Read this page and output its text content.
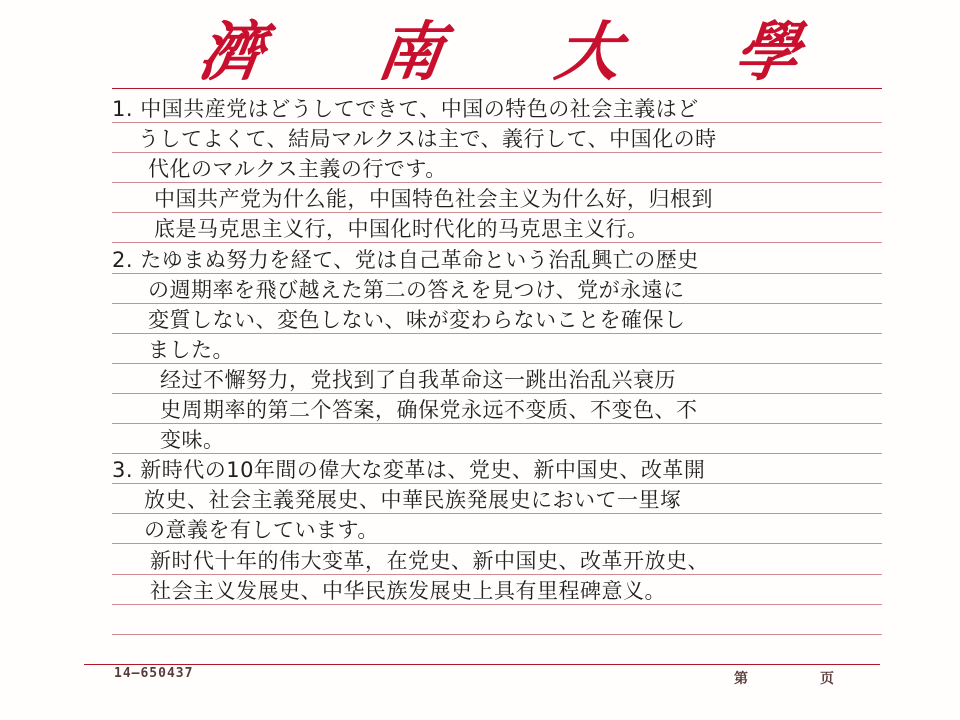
濟 南 大 學
1. 中国共産党はどうしてできて、中国の特色の社会主義はど
うしてよくて、結局マルクスは主で、義行して、中国化の時
代化のマルクス主義の行です。
中国共产党为什么能，中国特色社会主义为什么好，归根到
底是马克思主义行，中国化时代化的马克思主义行。
2. たゆまぬ努力を経て、党は自己革命という治乱興亡の歴史
の週期率を飛び越えた第二の答えを見つけ、党が永遠に
変質しない、変色しない、味が変わらないことを確保し
ました。
经过不懈努力，党找到了自我革命这一跳出治乱兴衰历
史周期率的第二个答案，确保党永远不变质、不变色、不
变味。
3. 新時代の10年間の偉大な変革は、党史、新中国史、改革開
放史、社会主義発展史、中華民族発展史において一里塚
の意義を有しています。
新时代十年的伟大变革，在党史、新中国史、改革开放史、
社会主义发展史、中华民族发展史上具有里程碑意义。
14—650437	第	页
